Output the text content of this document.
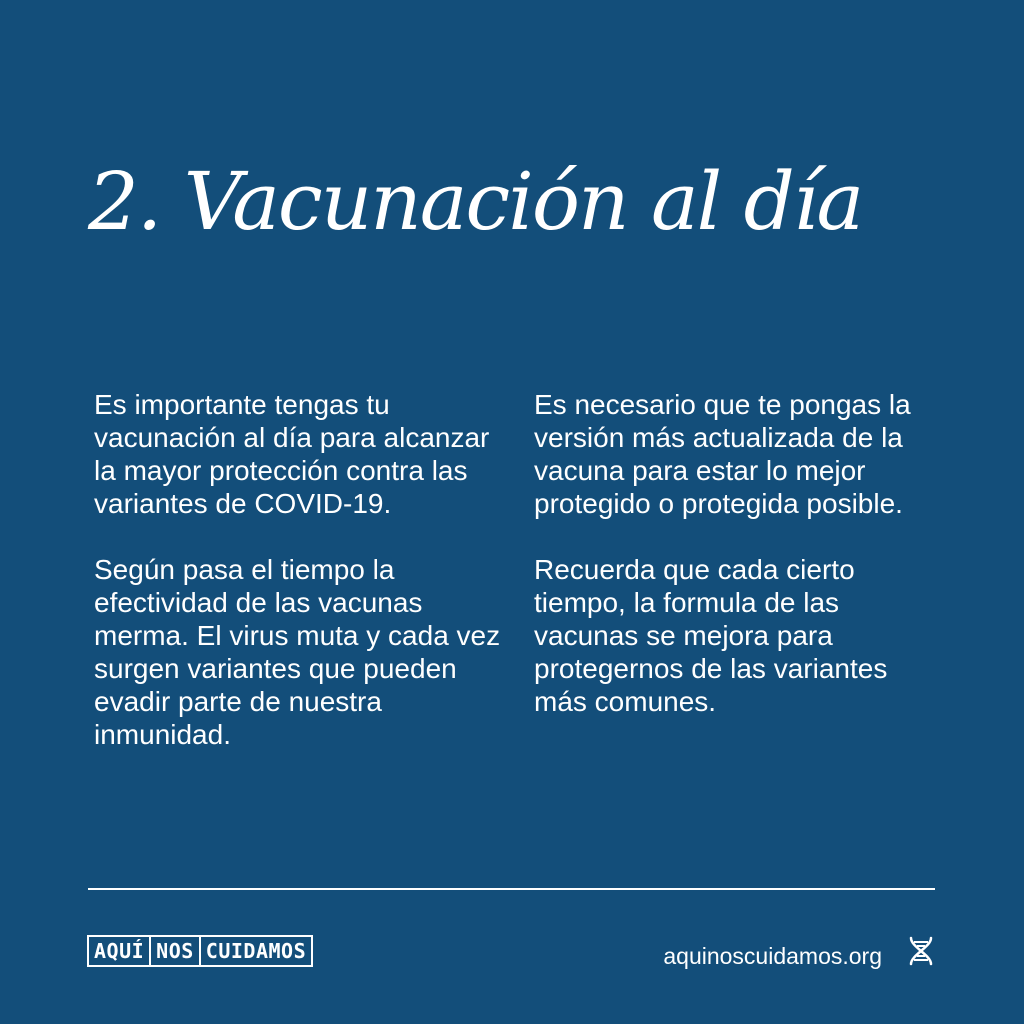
2. Vacunación al día

Es importante tengas tu vacunación al día para alcanzar la mayor protección contra las variantes de COVID-19.

Según pasa el tiempo la efectividad de las vacunas merma. El virus muta y cada vez surgen variantes que pueden evadir parte de nuestra inmunidad.

Es necesario que te pongas la versión más actualizada de la vacuna para estar lo mejor protegido o protegida posible.

Recuerda que cada cierto tiempo, la formula de las vacunas se mejora para protegernos de las variantes más comunes.

AQUÍ NOS CUIDAMOS	aquinoscuidamos.org
